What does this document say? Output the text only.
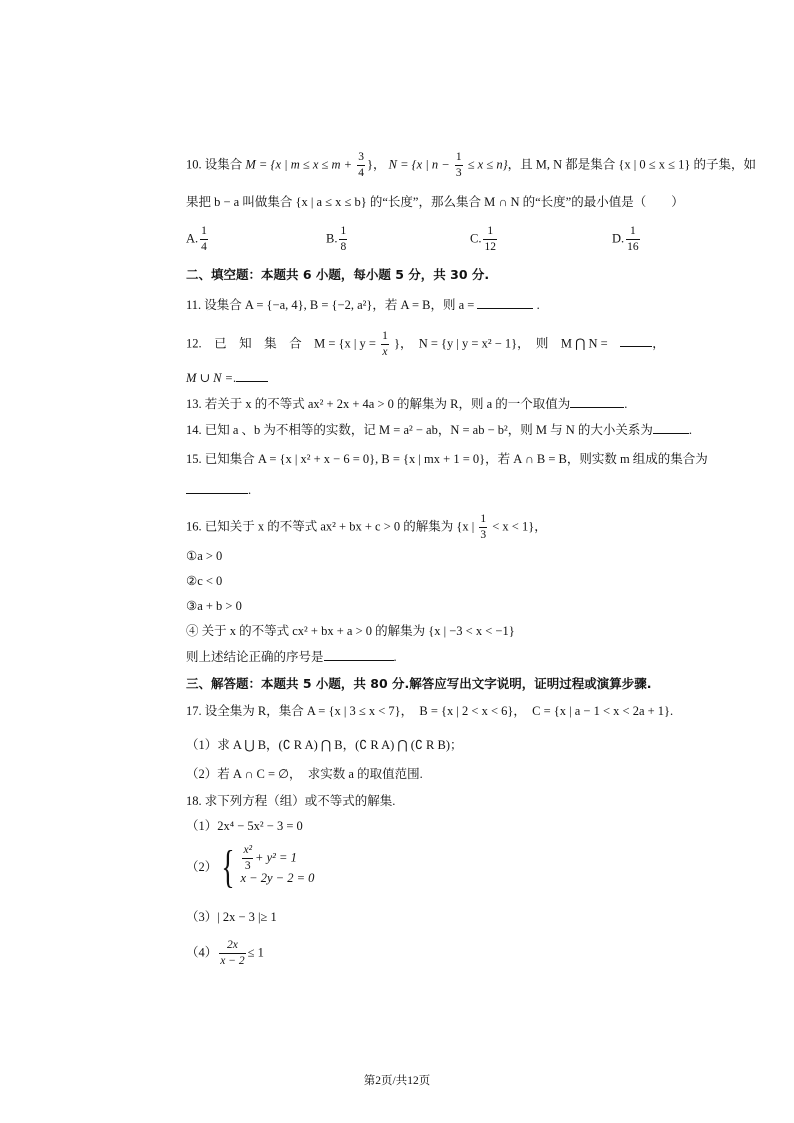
10. 设集合 M = {x | $m \le x \le m + \frac{3}{4}$ }， N = {x | $n - \frac{1}{3} \le x \le n$}，且 M, N 都是集合 {x | 0 ≤ x ≤ 1} 的子集，如
果把 b − a 叫做集合 {x | a ≤ x ≤ b} 的“长度”，那么集合 M ∩ N 的“长度”的最小值是（　　）
A. $\frac{1}{4}$	B. $\frac{1}{8}$	C. $\frac{1}{12}$	D. $\frac{1}{16}$
二、填空题：本题共 6 小题，每小题 5 分，共 30 分.
11. 设集合 A = {−a, 4}, B = {−2, a²}，若 A = B，则 a =	.
12.　已　知　集　合　M = {x | $y = \frac{1}{x}$ }，　N = {y | y = x² − 1}，　则　M ⋂ N =　	，
M ∪ N =.
13. 若关于 x 的不等式 ax² + 2x + 4a > 0 的解集为 R，则 a 的一个取值为	.
14. 已知 a 、b 为不相等的实数，记 M = a² − ab，N = ab − b²，则 M 与 N 的大小关系为	.
15. 已知集合 A = {x | x² + x − 6 = 0}, B = {x | mx + 1 = 0}，若 A ∩ B = B，则实数 m 组成的集合为
.
16. 已知关于 x 的不等式 ax² + bx + c > 0 的解集为 {x | $\frac{1}{3} < x < 1$}，
①a > 0
②c < 0
③a + b > 0
④ 关于 x 的不等式 cx² + bx + a > 0 的解集为 {x | −3 < x < −1}
则上述结论正确的序号是	.
三、解答题：本题共 5 小题，共 80 分.解答应写出文字说明，证明过程或演算步骤.
17. 设全集为 R，集合 A = {x | 3 ≤ x < 7}，　B = {x | 2 < x < 6}，　C = {x | a − 1 < x < 2a + 1}.
（1）求 A ⋃ B，(∁ R A) ⋂ B，(∁ R A) ⋂ (∁ R B)；
（2）若 A ∩ C = ∅，　求实数 a 的取值范围.
18. 求下列方程（组）或不等式的解集.
（1）2x⁴ − 5x² − 3 = 0
$(2)\{ \frac{\text{x²}}{3} + y^2 = 1$
x − 2y − 2 = 0
（3）| 2x − 3 |≥ 1
$(4) \frac{2x}{x - 2} \le 1$
第2页/共12页
